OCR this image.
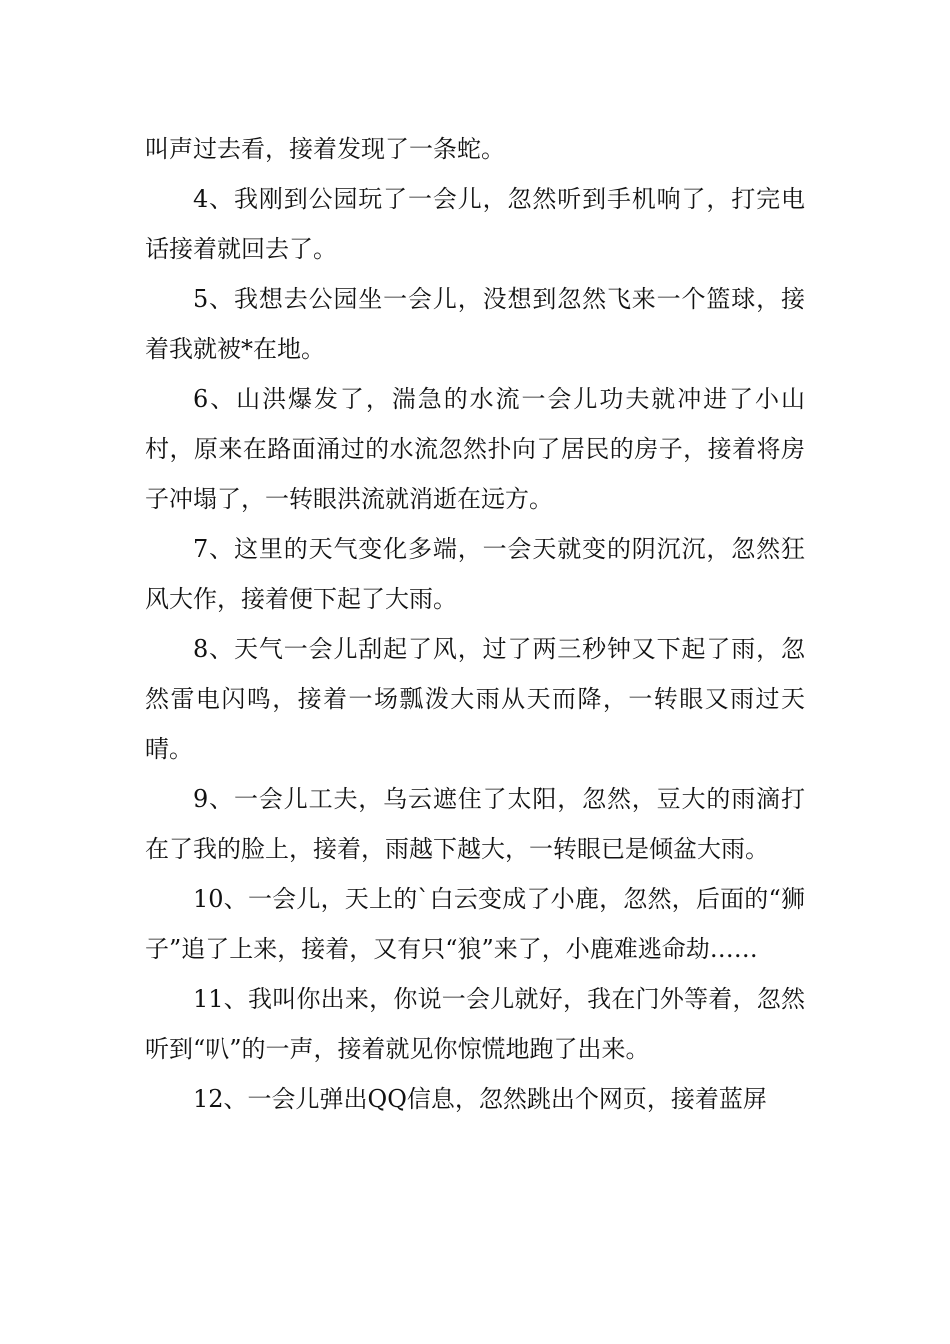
叫声过去看，接着发现了一条蛇。

4、我刚到公园玩了一会儿，忽然听到手机响了，打完电话接着就回去了。

5、我想去公园坐一会儿，没想到忽然飞来一个篮球，接着我就被*在地。

6、山洪爆发了，湍急的水流一会儿功夫就冲进了小山村，原来在路面涌过的水流忽然扑向了居民的房子，接着将房子冲塌了，一转眼洪流就消逝在远方。

7、这里的天气变化多端，一会天就变的阴沉沉，忽然狂风大作，接着便下起了大雨。

8、天气一会儿刮起了风，过了两三秒钟又下起了雨，忽然雷电闪鸣，接着一场瓢泼大雨从天而降，一转眼又雨过天晴。

9、一会儿工夫，乌云遮住了太阳，忽然，豆大的雨滴打在了我的脸上，接着，雨越下越大，一转眼已是倾盆大雨。

10、一会儿，天上的`白云变成了小鹿，忽然，后面的“狮子”追了上来，接着，又有只“狼”来了，小鹿难逃命劫……

11、我叫你出来，你说一会儿就好，我在门外等着，忽然听到“叭”的一声，接着就见你惊慌地跑了出来。

12、一会儿弹出QQ信息，忽然跳出个网页，接着蓝屏
